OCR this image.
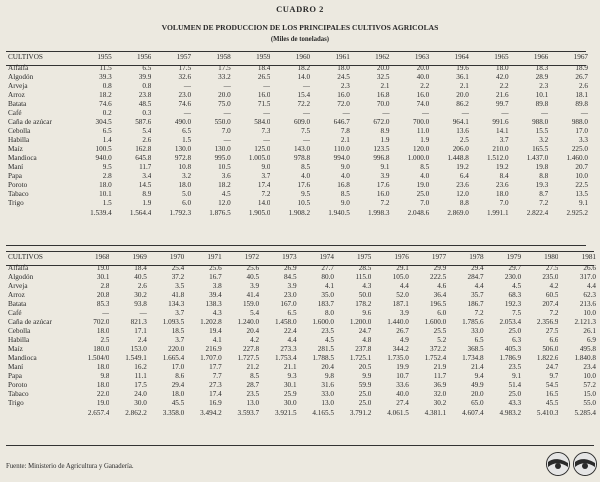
CUADRO 2
VOLUMEN DE PRODUCCION DE LOS PRINCIPALES CULTIVOS AGRICOLAS
(Miles de toneladas)
CULTIVOS	1955	1956	1957	1958	1959	1960	1961	1962	1963	1964	1965	1966	1967
Alfalfa	11.5	6.5	17.5	17.5	18.4	18.2	18.0	20.0	20.0	19.6	18.0	18.3	18.9
Algodón	39.3	39.9	32.6	33.2	26.5	14.0	24.5	32.5	40.0	36.1	42.0	28.9	26.7
Arveja	0.8	0.8	—	—	—	—	2.3	2.1	2.2	2.1	2.2	2.3	2.6
Arroz	18.2	23.8	23.0	20.0	16.0	15.4	16.0	16.8	16.0	20.0	21.6	10.1	18.1
Batata	74.6	48.5	74.6	75.0	71.5	72.2	72.0	70.0	74.0	86.2	99.7	89.8	89.8
Café	0.2	0.3	—	—	—	—	—	—	—	—	—	—	—
Caña de azúcar	304.5	587.6	490.0	550.0	584.0	609.0	646.7	672.0	700.0	964.1	991.6	988.0	988.0
Cebolla	6.5	5.4	6.5	7.0	7.3	7.5	7.8	8.9	11.0	13.6	14.1	15.5	17.0
Habilla	1.4	2.6	1.5	—	—	—	2.1	1.9	1.9	2.5	3.7	3.2	3.3
Maíz	100.5	162.8	130.0	130.0	125.0	143.0	110.0	123.5	120.0	206.0	210.0	165.5	225.0
Mandioca	940.0	645.8	972.8	995.0	1.005.0	978.8	994.0	996.8	1.000.0	1.448.8	1.512.0	1.437.0	1.460.0
Maní	9.5	11.7	10.8	10.5	9.0	8.5	9.0	9.1	8.5	19.2	19.2	19.8	20.7
Papa	2.8	3.4	3.2	3.6	3.7	4.0	4.0	3.9	4.0	6.4	8.4	8.8	10.0
Poroto	18.0	14.5	18.0	18.2	17.4	17.6	16.8	17.6	19.0	23.6	23.6	19.3	22.5
Tabaco	10.1	8.9	5.0	4.5	7.2	9.5	8.5	16.0	25.0	12.0	18.0	8.7	13.5
Trigo	1.5	1.9	6.0	12.0	14.0	10.5	9.0	7.2	7.0	8.8	7.0	7.2	9.1
	1.539.4	1.564.4	1.792.3	1.876.5	1.905.0	1.908.2	1.940.5	1.998.3	2.048.6	2.869.0	1.991.1	2.822.4	2.925.2
CULTIVOS	1968	1969	1970	1971	1972	1973	1974	1975	1976	1977	1978	1979	1980	1981
Alfalfa	19.0	18.4	25.4	25.6	25.6	26.9	27.7	28.5	29.1	29.9	29.4	29.7	27.5	26.6
Algodón	30.1	40.5	37.2	16.7	40.5	84.5	80.0	115.0	105.0	222.5	284.7	230.0	235.0	317.0
Arveja	2.8	2.6	3.5	3.8	3.9	3.9	4.1	4.3	4.4	4.6	4.4	4.5	4.2	4.4
Arroz	20.8	30.2	41.8	39.4	41.4	23.0	35.0	50.0	52.0	36.4	35.7	68.3	60.5	62.3
Batata	85.3	93.8	134.3	138.3	159.0	167.0	183.7	178.2	187.1	196.5	186.7	192.3	207.4	213.6
Café	—	—	3.7	4.3	5.4	6.5	8.0	9.6	3.9	6.0	7.2	7.5	7.2	10.0
Caña de azúcar	702.0	821.3	1.093.5	1.202.8	1.240.0	1.458.0	1.600.0	1.200.0	1.440.0	1.600.0	1.785.6	2.053.4	2.356.9	2.121.3
Cebolla	18.0	17.1	18.5	19.4	20.4	22.4	23.5	24.7	26.7	25.5	33.0	25.0	27.5	26.1
Habilla	2.5	2.4	3.7	4.1	4.2	4.4	4.5	4.8	4.9	5.2	6.5	6.3	6.6	6.9
Maíz	180.0	153.0	220.0	216.9	227.8	273.3	281.5	237.8	344.2	372.2	368.5	405.3	506.0	495.8
Mandioca	1.504/0	1.549.1	1.665.4	1.707.0	1.727.5	1.753.4	1.788.5	1.725.1	1.735.0	1.752.4	1.734.8	1.786.9	1.822.6	1.840.8
Maní	18.0	16.2	17.0	17.7	21.2	21.1	20.4	20.5	19.9	21.9	21.4	23.5	24.7	23.4
Papa	9.8	11.1	8.6	7.7	8.5	9.3	9.8	9.9	10.7	11.7	9.4	9.1	9.7	10.0
Poroto	18.0	17.5	29.4	27.3	28.7	30.1	31.6	59.9	33.6	36.9	49.9	51.4	54.5	57.2
Tabaco	22.0	24.0	18.0	17.4	23.5	25.9	33.0	25.0	40.0	32.0	20.0	25.0	16.5	15.0
Trigo	19.0	30.0	45.5	16.9	13.0	30.0	13.0	25.0	27.4	30.2	65.0	43.3	45.5	55.0
	2.657.4	2.862.2	3.358.0	3.494.2	3.593.7	3.921.5	4.165.5	3.791.2	4.061.5	4.381.1	4.607.4	4.983.2	5.410.3	5.285.4
Fuente: Ministerio de Agricultura y Ganadería.
